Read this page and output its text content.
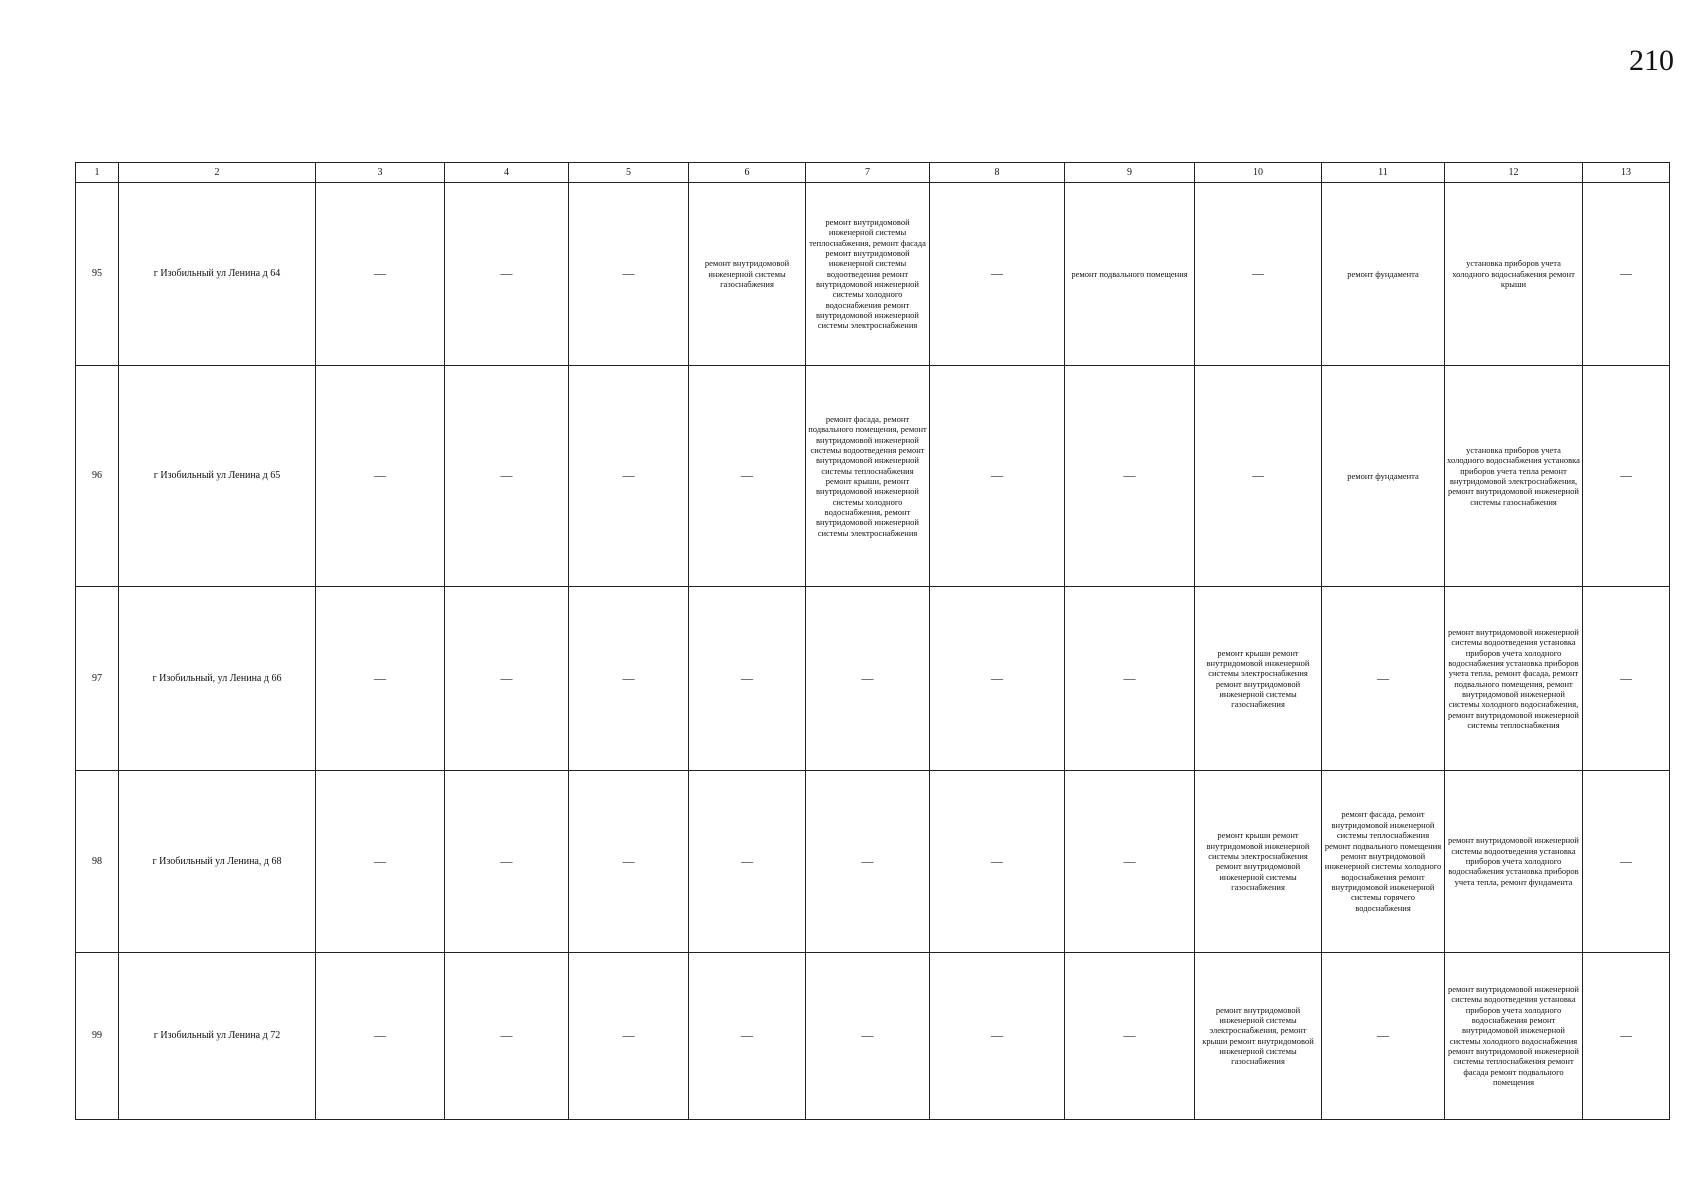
210
1	2	3	4	5	6	7	8	9	10	11	12	13
95	г Изобильный ул Ленина д 64	—	—	—	ремонт внутридомовой инженерной системы газоснабжения	ремонт внутридомовой инженерной системы теплоснабжения, ремонт фасада ремонт внутридомовой инженерной системы водоотведения ремонт внутридомовой инженерной системы холодного водоснабжения ремонт внутридомовой инженерной системы электроснабжения	—	ремонт подвального помещения	—	ремонт фундамента	установка приборов учета холодного водоснабжения ремонт крыши	—
96	г Изобильный ул Ленина д 65	—	—	—	—	ремонт фасада, ремонт подвального помещения, ремонт внутридомовой инженерной системы водоотведения ремонт внутридомовой инженерной системы теплоснабжения ремонт крыши, ремонт внутридомовой инженерной системы холодного водоснабжения, ремонт внутридомовой инженерной системы электроснабжения	—	—	—	ремонт фундамента	установка приборов учета холодного водоснабжения установка приборов учета тепла ремонт внутридомовой электроснабжения, ремонт внутридомовой инженерной системы газоснабжения	—
97	г Изобильный, ул Ленина д 66	—	—	—	—	—	—	—	ремонт крыши ремонт внутридомовой инженерной системы электроснабжения ремонт внутридомовой инженерной системы газоснабжения	—	ремонт внутридомовой инженерной системы водоотведения установка приборов учета холодного водоснабжения установка приборов учета тепла, ремонт фасада, ремонт подвального помещения, ремонт внутридомовой инженерной системы холодного водоснабжения, ремонт внутридомовой инженерной системы теплоснабжения	—
98	г Изобильный ул Ленина, д 68	—	—	—	—	—	—	—	ремонт крыши ремонт внутридомовой инженерной системы электроснабжения ремонт внутридомовой инженерной системы газоснабжения	ремонт фасада, ремонт внутридомовой инженерной системы теплоснабжения ремонт подвального помещения ремонт внутридомовой инженерной системы холодного водоснабжения ремонт внутридомовой инженерной системы горячего водоснабжения	ремонт внутридомовой инженерной системы водоотведения установка приборов учета холодного водоснабжения установка приборов учета тепла, ремонт фундамента	—
99	г Изобильный ул Ленина д 72	—	—	—	—	—	—	—	ремонт внутридомовой инженерной системы электроснабжения, ремонт крыши ремонт внутридомовой инженерной системы газоснабжения	—	ремонт внутридомовой инженерной системы водоотведения установка приборов учета холодного водоснабжения ремонт внутридомовой инженерной системы холодного водоснабжения ремонт внутридомовой инженерной системы теплоснабжения ремонт фасада ремонт подвального помещения	—
